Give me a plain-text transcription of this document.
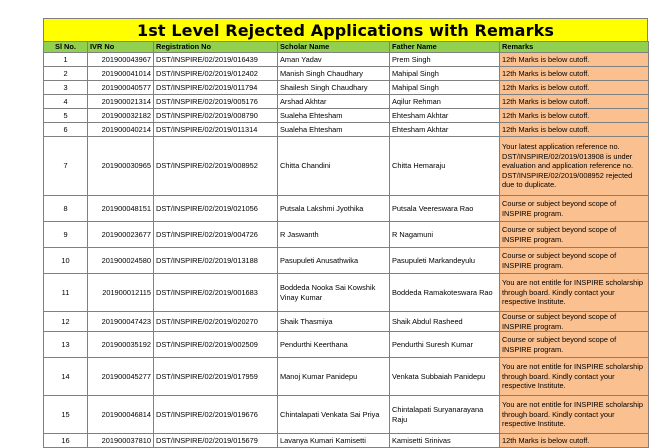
1st Level Rejected Applications with Remarks
Sl No.	IVR No	Registration No	Scholar Name	Father Name	Remarks
1	201900043967	DST/INSPIRE/02/2019/016439	Aman Yadav	Prem Singh	12th Marks is below cutoff.
2	201900041014	DST/INSPIRE/02/2019/012402	Manish Singh Chaudhary	Mahipal Singh	12th Marks is below cutoff.
3	201900040577	DST/INSPIRE/02/2019/011794	Shailesh Singh Chaudhary	Mahipal Singh	12th Marks is below cutoff.
4	201900021314	DST/INSPIRE/02/2019/005176	Arshad Akhtar	Aqilur Rehman	12th Marks is below cutoff.
5	201900032182	DST/INSPIRE/02/2019/008790	Sualeha Ehtesham	Ehtesham Akhtar	12th Marks is below cutoff.
6	201900040214	DST/INSPIRE/02/2019/011314	Sualeha Ehtesham	Ehtesham Akhtar	12th Marks is below cutoff.
7	201900030965	DST/INSPIRE/02/2019/008952	Chitta Chandini	Chitta Hemaraju	Your latest application reference no. DST/INSPIRE/02/2019/013908 is under evaluation and application reference no. DST/INSPIRE/02/2019/008952 rejected due to duplicate.
8	201900048151	DST/INSPIRE/02/2019/021056	Putsala Lakshmi Jyothika	Putsala Veereswara Rao	Course or subject beyond scope of INSPIRE program.
9	201900023677	DST/INSPIRE/02/2019/004726	R Jaswanth	R Nagamuni	Course or subject beyond scope of INSPIRE program.
10	201900024580	DST/INSPIRE/02/2019/013188	Pasupuleti Anusathwika	Pasupuleti Markandeyulu	Course or subject beyond scope of INSPIRE program.
11	201900012115	DST/INSPIRE/02/2019/001683	Boddeda Nooka Sai Kowshik Vinay Kumar	Boddeda Ramakoteswara Rao	You are not entitle for INSPIRE scholarship through board. Kindly contact your respective Institute.
12	201900047423	DST/INSPIRE/02/2019/020270	Shaik Thasmiya	Shaik Abdul Rasheed	Course or subject beyond scope of INSPIRE program.
13	201900035192	DST/INSPIRE/02/2019/002509	Pendurthi Keerthana	Pendurthi Suresh Kumar	Course or subject beyond scope of INSPIRE program.
14	201900045277	DST/INSPIRE/02/2019/017959	Manoj Kumar Panidepu	Venkata Subbaiah Panidepu	You are not entitle for INSPIRE scholarship through board. Kindly contact your respective Institute.
15	201900046814	DST/INSPIRE/02/2019/019676	Chintalapati Venkata Sai Priya	Chintalapati Suryanarayana Raju	You are not entitle for INSPIRE scholarship through board. Kindly contact your respective Institute.
16	201900037810	DST/INSPIRE/02/2019/015679	Lavanya Kumari Kamisetti	Kamisetti Srinivas	12th Marks is below cutoff.
